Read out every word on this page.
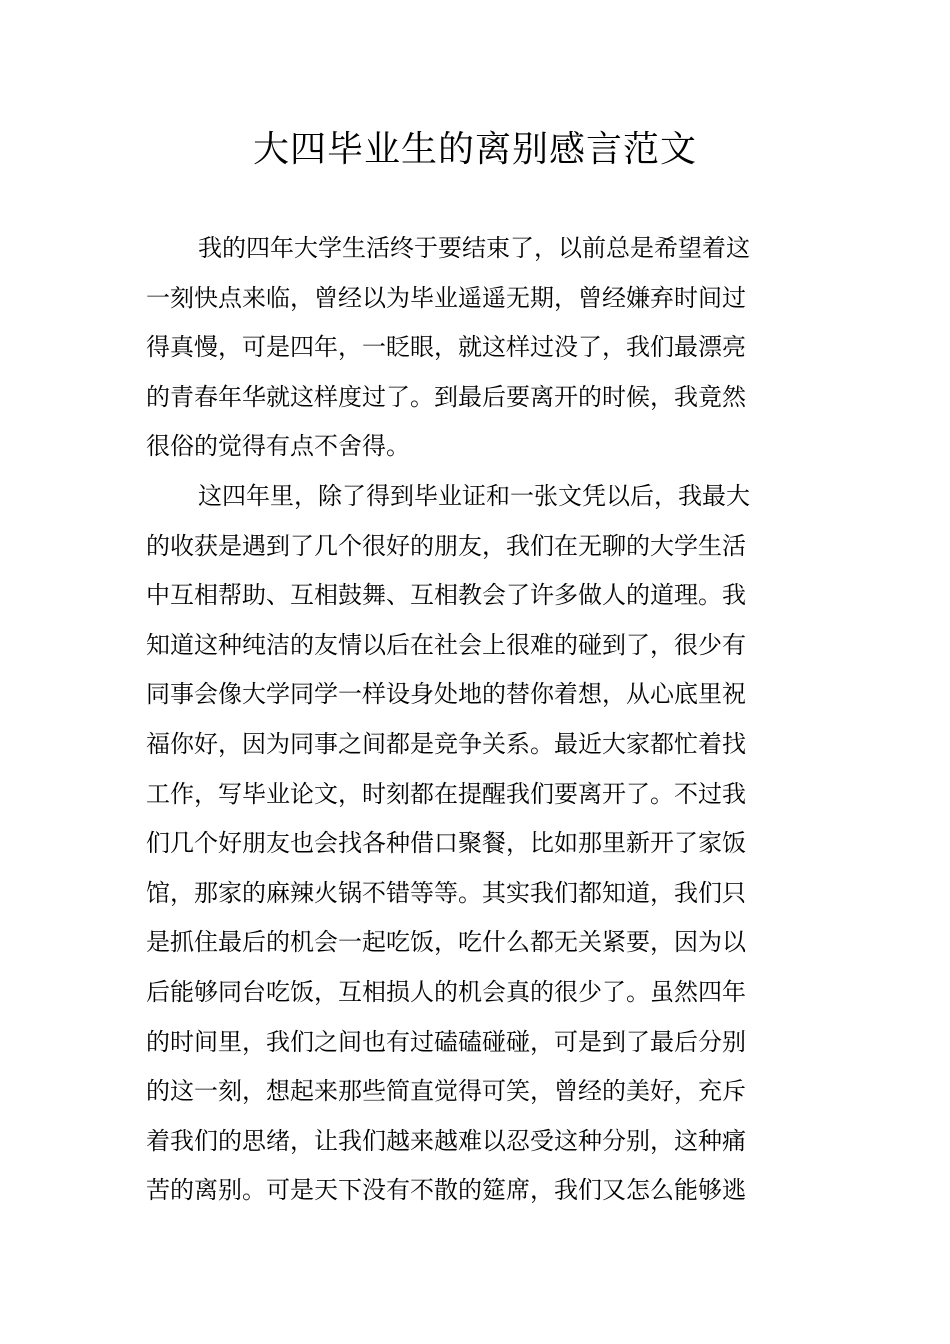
大四毕业生的离别感言范文
我的四年大学生活终于要结束了，以前总是希望着这
一刻快点来临，曾经以为毕业遥遥无期，曾经嫌弃时间过
得真慢，可是四年，一眨眼，就这样过没了，我们最漂亮
的青春年华就这样度过了。到最后要离开的时候，我竟然
很俗的觉得有点不舍得。
这四年里，除了得到毕业证和一张文凭以后，我最大
的收获是遇到了几个很好的朋友，我们在无聊的大学生活
中互相帮助、互相鼓舞、互相教会了许多做人的道理。我
知道这种纯洁的友情以后在社会上很难的碰到了，很少有
同事会像大学同学一样设身处地的替你着想，从心底里祝
福你好，因为同事之间都是竞争关系。最近大家都忙着找
工作，写毕业论文，时刻都在提醒我们要离开了。不过我
们几个好朋友也会找各种借口聚餐，比如那里新开了家饭
馆，那家的麻辣火锅不错等等。其实我们都知道，我们只
是抓住最后的机会一起吃饭，吃什么都无关紧要，因为以
后能够同台吃饭，互相损人的机会真的很少了。虽然四年
的时间里，我们之间也有过磕磕碰碰，可是到了最后分别
的这一刻，想起来那些简直觉得可笑，曾经的美好，充斥
着我们的思绪，让我们越来越难以忍受这种分别，这种痛
苦的离别。可是天下没有不散的筵席，我们又怎么能够逃
